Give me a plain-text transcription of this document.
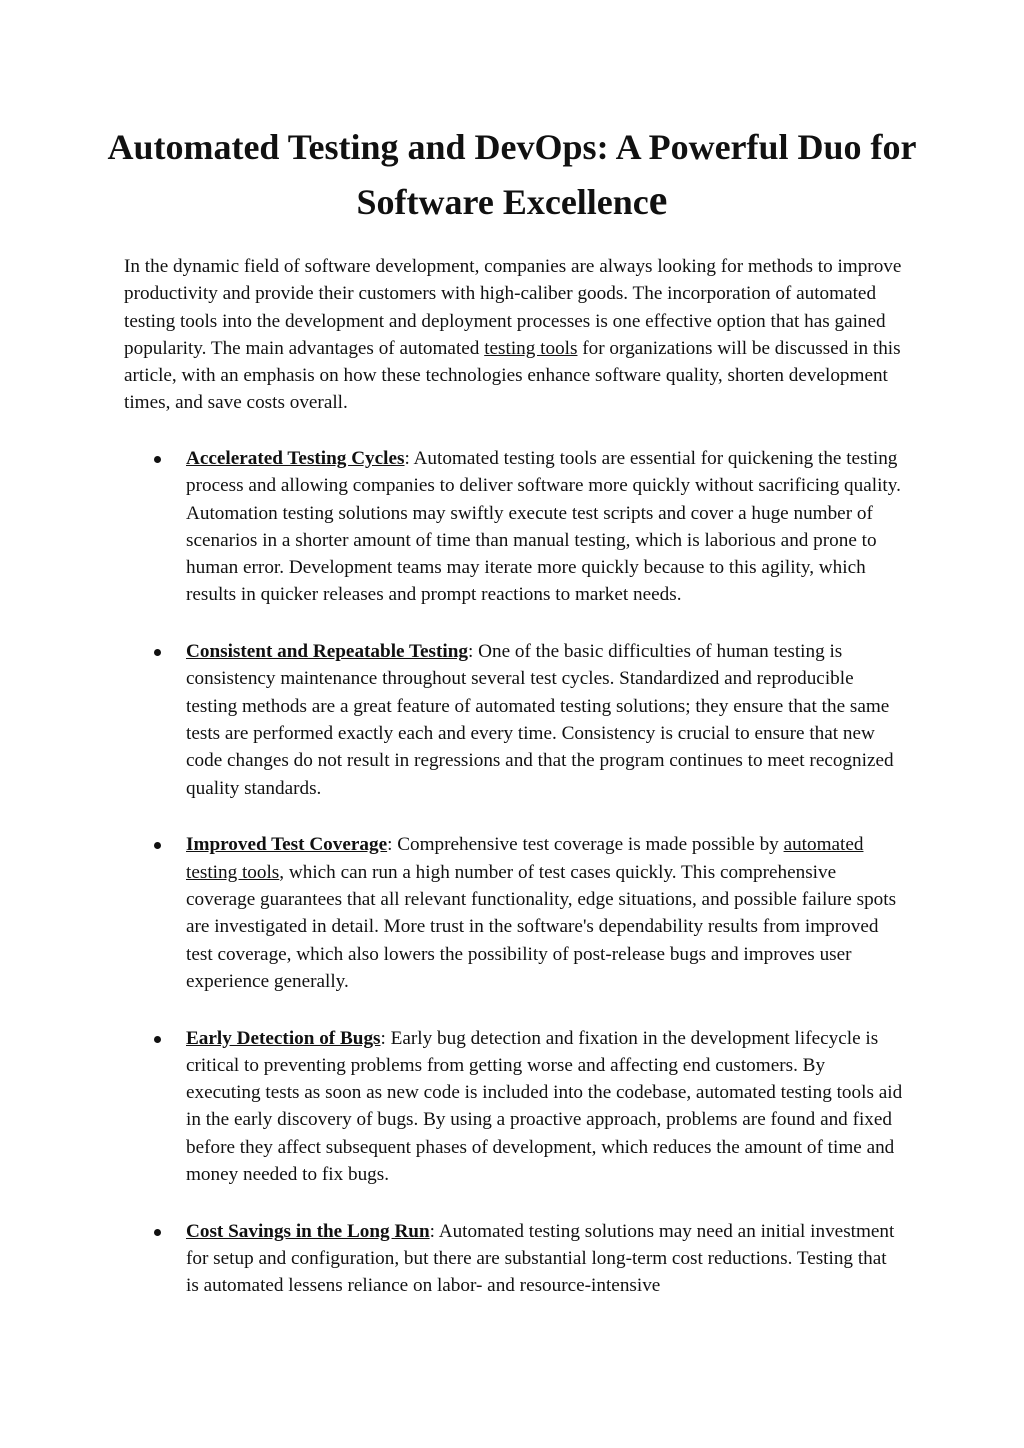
Automated Testing and DevOps: A Powerful Duo for Software Excellence

In the dynamic field of software development, companies are always looking for methods to improve productivity and provide their customers with high-caliber goods. The incorporation of automated testing tools into the development and deployment processes is one effective option that has gained popularity. The main advantages of automated testing tools for organizations will be discussed in this article, with an emphasis on how these technologies enhance software quality, shorten development times, and save costs overall.

Accelerated Testing Cycles: Automated testing tools are essential for quickening the testing process and allowing companies to deliver software more quickly without sacrificing quality. Automation testing solutions may swiftly execute test scripts and cover a huge number of scenarios in a shorter amount of time than manual testing, which is laborious and prone to human error. Development teams may iterate more quickly because to this agility, which results in quicker releases and prompt reactions to market needs.
Consistent and Repeatable Testing: One of the basic difficulties of human testing is consistency maintenance throughout several test cycles. Standardized and reproducible testing methods are a great feature of automated testing solutions; they ensure that the same tests are performed exactly each and every time. Consistency is crucial to ensure that new code changes do not result in regressions and that the program continues to meet recognized quality standards.
Improved Test Coverage: Comprehensive test coverage is made possible by automated testing tools, which can run a high number of test cases quickly. This comprehensive coverage guarantees that all relevant functionality, edge situations, and possible failure spots are investigated in detail. More trust in the software's dependability results from improved test coverage, which also lowers the possibility of post-release bugs and improves user experience generally.
Early Detection of Bugs: Early bug detection and fixation in the development lifecycle is critical to preventing problems from getting worse and affecting end customers. By executing tests as soon as new code is included into the codebase, automated testing tools aid in the early discovery of bugs. By using a proactive approach, problems are found and fixed before they affect subsequent phases of development, which reduces the amount of time and money needed to fix bugs.
Cost Savings in the Long Run: Automated testing solutions may need an initial investment for setup and configuration, but there are substantial long-term cost reductions. Testing that is automated lessens reliance on labor- and resource-intensive
